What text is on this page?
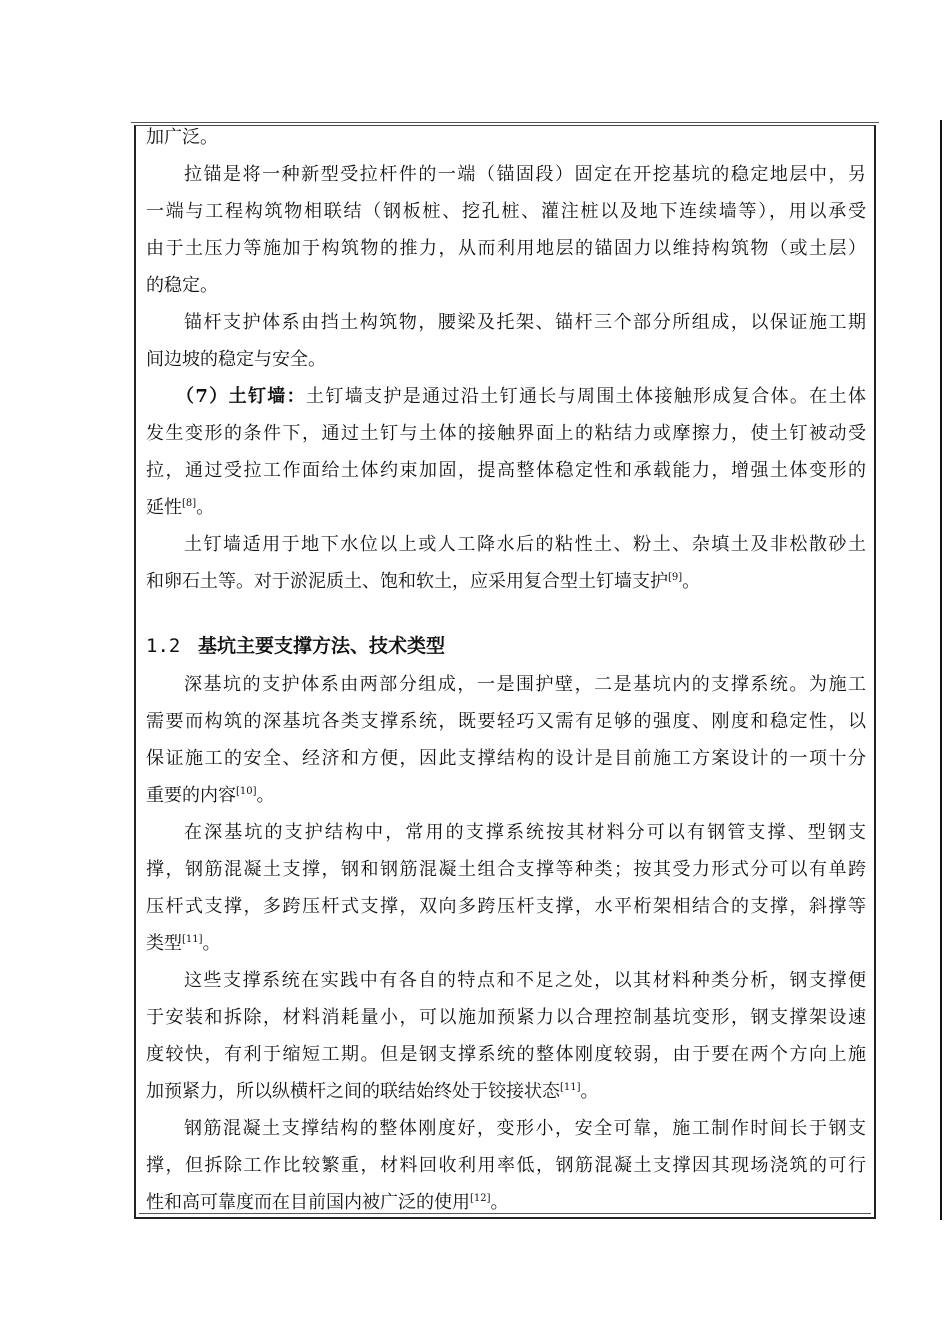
加广泛。
拉锚是将一种新型受拉杆件的一端（锚固段）固定在开挖基坑的稳定地层中，另
一端与工程构筑物相联结（钢板桩、挖孔桩、灌注桩以及地下连续墙等），用以承受
由于土压力等施加于构筑物的推力，从而利用地层的锚固力以维持构筑物（或土层）
的稳定。
锚杆支护体系由挡土构筑物，腰梁及托架、锚杆三个部分所组成，以保证施工期
间边坡的稳定与安全。
（7）土钉墙：土钉墙支护是通过沿土钉通长与周围土体接触形成复合体。在土体
发生变形的条件下，通过土钉与土体的接触界面上的粘结力或摩擦力，使土钉被动受
拉，通过受拉工作面给土体约束加固，提高整体稳定性和承载能力，增强土体变形的
延性[8]。
土钉墙适用于地下水位以上或人工降水后的粘性土、粉土、杂填土及非松散砂土
和卵石土等。对于淤泥质土、饱和软土，应采用复合型土钉墙支护[9]。
1.2 基坑主要支撑方法、技术类型
深基坑的支护体系由两部分组成，一是围护壁，二是基坑内的支撑系统。为施工
需要而构筑的深基坑各类支撑系统，既要轻巧又需有足够的强度、刚度和稳定性，以
保证施工的安全、经济和方便，因此支撑结构的设计是目前施工方案设计的一项十分
重要的内容[10]。
在深基坑的支护结构中，常用的支撑系统按其材料分可以有钢管支撑、型钢支
撑，钢筋混凝土支撑，钢和钢筋混凝土组合支撑等种类；按其受力形式分可以有单跨
压杆式支撑，多跨压杆式支撑，双向多跨压杆支撑，水平桁架相结合的支撑，斜撑等
类型[11]。
这些支撑系统在实践中有各自的特点和不足之处，以其材料种类分析，钢支撑便
于安装和拆除，材料消耗量小，可以施加预紧力以合理控制基坑变形，钢支撑架设速
度较快，有利于缩短工期。但是钢支撑系统的整体刚度较弱，由于要在两个方向上施
加预紧力，所以纵横杆之间的联结始终处于铰接状态[11]。
钢筋混凝土支撑结构的整体刚度好，变形小，安全可靠，施工制作时间长于钢支
撑，但拆除工作比较繁重，材料回收利用率低，钢筋混凝土支撑因其现场浇筑的可行
性和高可靠度而在目前国内被广泛的使用[12]。
